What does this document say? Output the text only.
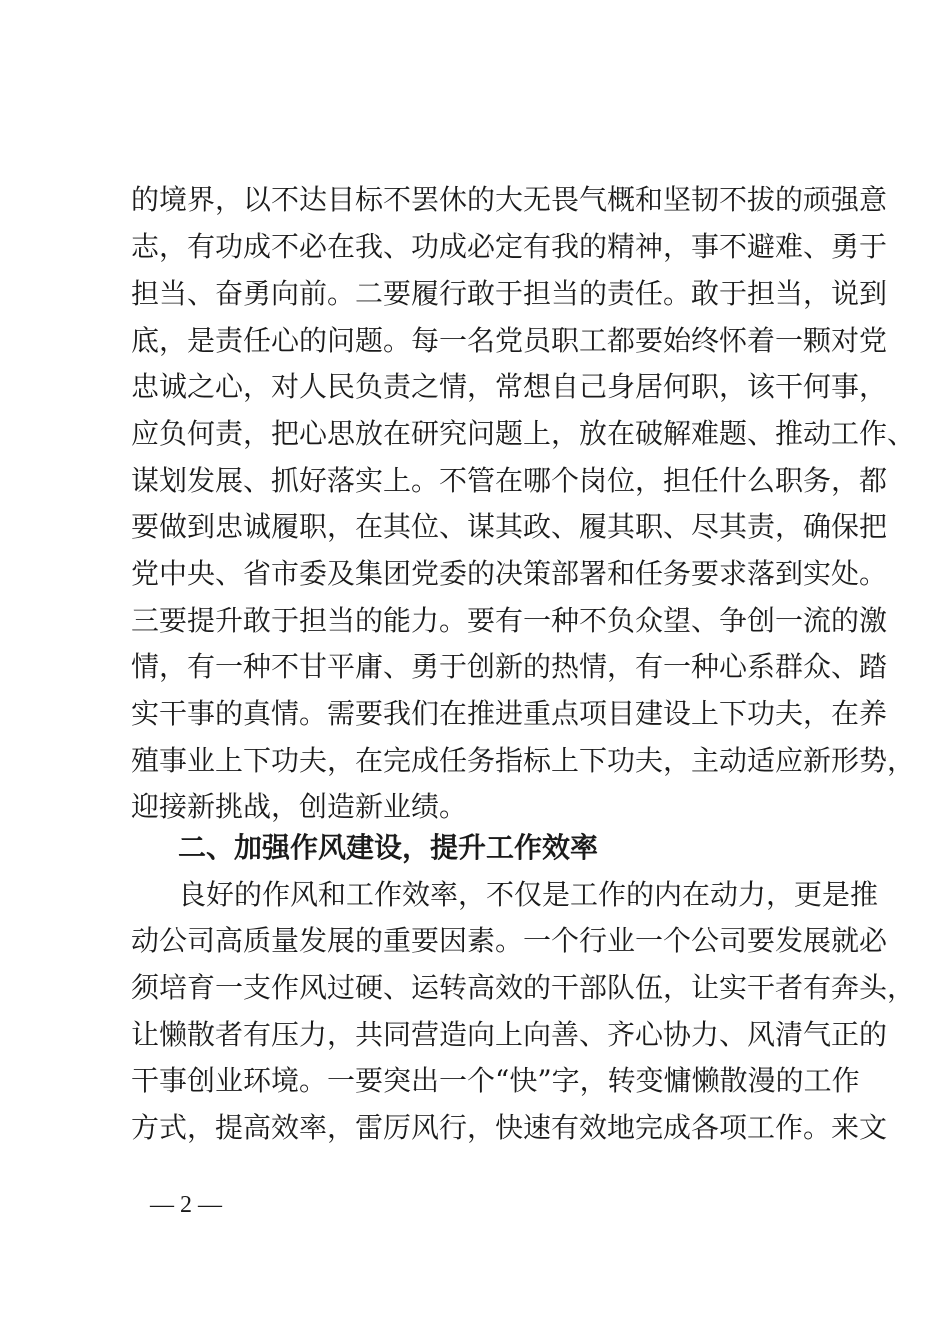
的境界，以不达目标不罢休的大无畏气概和坚韧不拔的顽强意
志，有功成不必在我、功成必定有我的精神，事不避难、勇于
担当、奋勇向前。二要履行敢于担当的责任。敢于担当，说到
底，是责任心的问题。每一名党员职工都要始终怀着一颗对党
忠诚之心，对人民负责之情，常想自己身居何职，该干何事，
应负何责，把心思放在研究问题上，放在破解难题、推动工作、
谋划发展、抓好落实上。不管在哪个岗位，担任什么职务，都
要做到忠诚履职，在其位、谋其政、履其职、尽其责，确保把
党中央、省市委及集团党委的决策部署和任务要求落到实处。
三要提升敢于担当的能力。要有一种不负众望、争创一流的激
情，有一种不甘平庸、勇于创新的热情，有一种心系群众、踏
实干事的真情。需要我们在推进重点项目建设上下功夫，在养
殖事业上下功夫，在完成任务指标上下功夫，主动适应新形势，
迎接新挑战，创造新业绩。
二、加强作风建设，提升工作效率
良好的作风和工作效率，不仅是工作的内在动力，更是推
动公司高质量发展的重要因素。一个行业一个公司要发展就必
须培育一支作风过硬、运转高效的干部队伍，让实干者有奔头，
让懒散者有压力，共同营造向上向善、齐心协力、风清气正的
干事创业环境。一要突出一个“快”字，转变慵懒散漫的工作
方式，提高效率，雷厉风行，快速有效地完成各项工作。来文
— 2 —
